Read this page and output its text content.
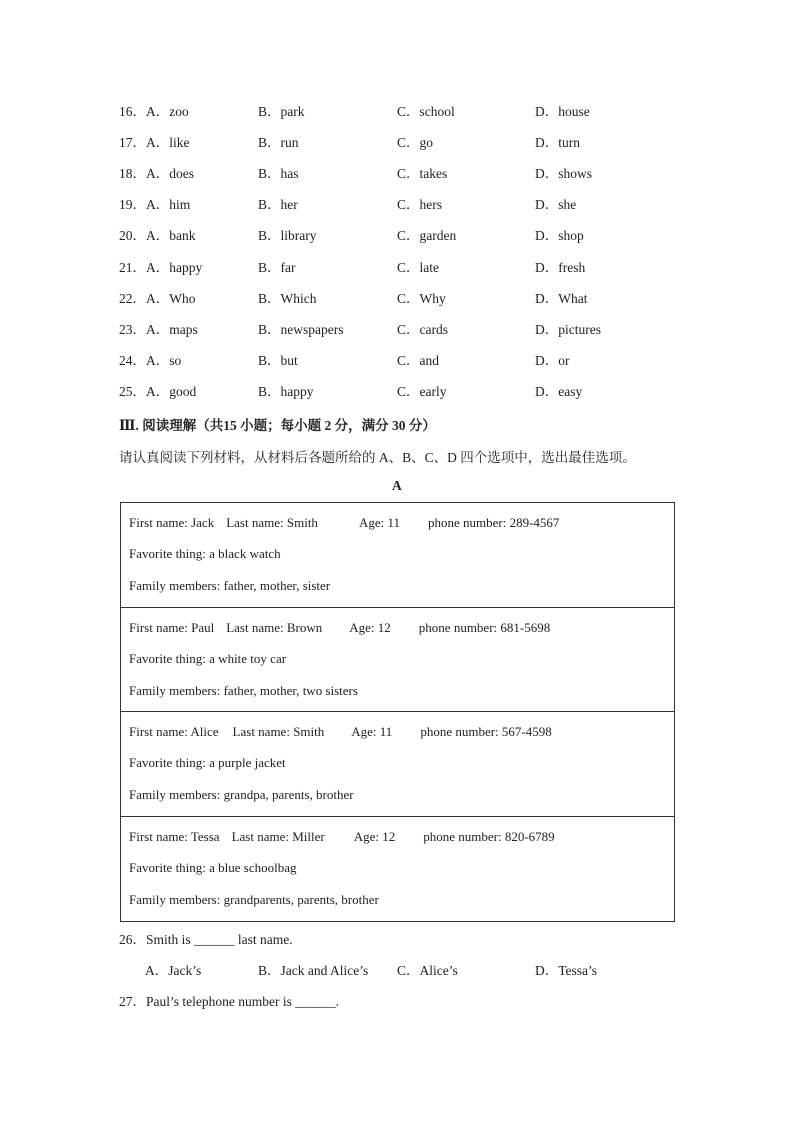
16． A．zoo	B．park	C．school	D．house
17． A．like	B．run	C．go	D．turn
18． A．does	B．has	C．takes	D．shows
19． A．him	B．her	C．hers	D．she
20． A．bank	B．library	C．garden	D．shop
21． A．happy	B．far	C．late	D．fresh
22． A．Who	B．Which	C．Why	D．What
23． A．maps	B．newspapers	C．cards	D．pictures
24． A．so	B．but	C．and	D．or
25． A．good	B．happy	C．early	D．easy
Ⅲ. 阅读理解（共15 小题；每小题 2 分，满分 30 分）
请认真阅读下列材料，从材料后各题所给的 A、B、C、D 四个选项中，选出最佳选项。
A
First name: Jack Last name: Smith	Age: 11 phone number: 289-4567
Favorite thing: a black watch
Family members: father, mother, sister
First name: Paul Last name: Brown Age: 12 phone number: 681-5698
Favorite thing: a white toy car
Family members: father, mother, two sisters
First name: Alice Last name: Smith Age: 11 phone number: 567-4598
Favorite thing: a purple jacket
Family members: grandpa, parents, brother
First name: Tessa Last name: Miller Age: 12 phone number: 820-6789
Favorite thing: a blue schoolbag
Family members: grandparents, parents, brother
26．Smith is ______ last name.
A．Jack’s	B．Jack and Alice’s C．Alice’s	D．Tessa’s
27．Paul’s telephone number is ______.
